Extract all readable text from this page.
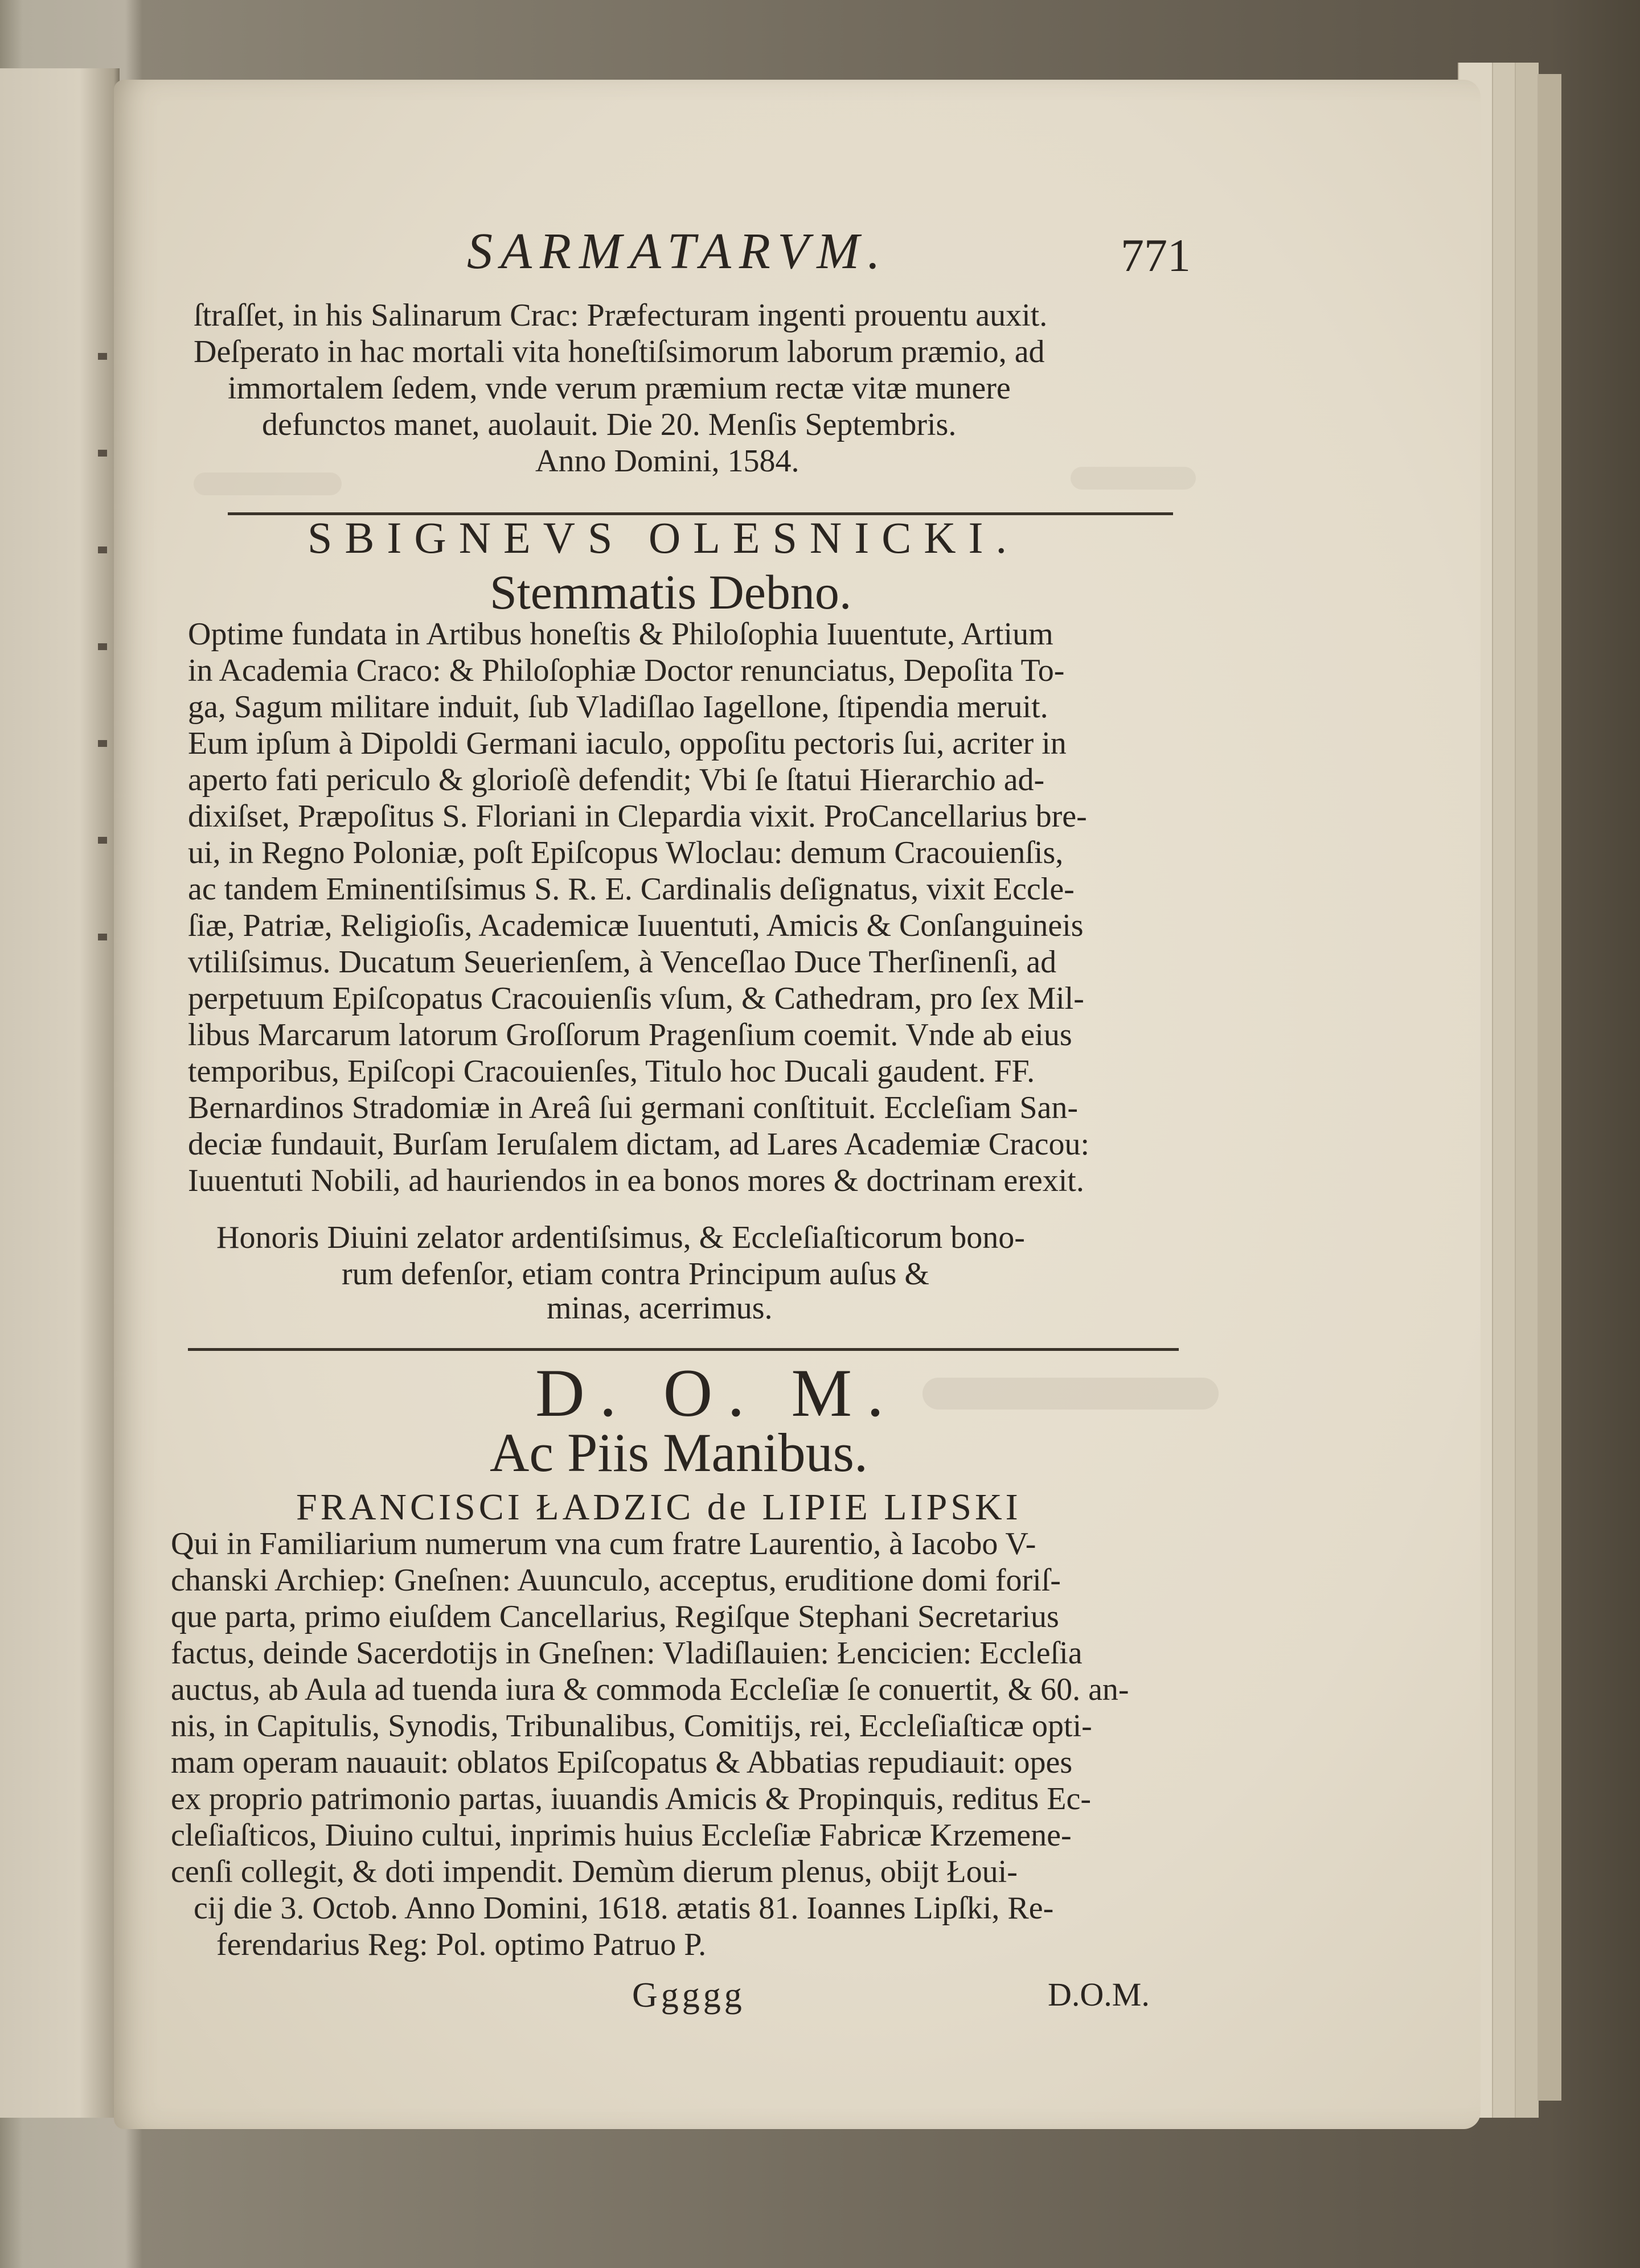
SARMATARVM.	771

ſtraſſet, in his Salinarum Crac: Præfecturam ingenti prouentu auxit.

Deſperato in hac mortali vita honeſtiſsimorum laborum præmio, ad

immortalem ſedem, vnde verum præmium rectæ vitæ munere

defunctos manet, auolauit. Die 20. Menſis Septembris.

Anno Domini, 1584.

SBIGNEVS OLESNICKI.
Stemmatis Debno.

Optime fundata in Artibus honeſtis & Philoſophia Iuuentute, Artium

in Academia Craco: & Philoſophiæ Doctor renunciatus, Depoſita To-

ga, Sagum militare induit, ſub Vladiſlao Iagellone, ſtipendia meruit.

Eum ipſum à Dipoldi Germani iaculo, oppoſitu pectoris ſui, acriter in

aperto fati periculo & glorioſè defendit; Vbi ſe ſtatui Hierarchio ad-

dixiſset, Præpoſitus S. Floriani in Clepardia vixit. ProCancellarius bre-

ui, in Regno Poloniæ, poſt Epiſcopus Wloclau: demum Cracouienſis,

ac tandem Eminentiſsimus S. R. E. Cardinalis deſignatus, vixit Eccle-

ſiæ, Patriæ, Religioſis, Academicæ Iuuentuti, Amicis & Conſanguineis

vtiliſsimus. Ducatum Seuerienſem, à Venceſlao Duce Therſinenſi, ad

perpetuum Epiſcopatus Cracouienſis vſum, & Cathedram, pro ſex Mil-

libus Marcarum latorum Groſſorum Pragenſium coemit. Vnde ab eius

temporibus, Epiſcopi Cracouienſes, Titulo hoc Ducali gaudent. FF.

Bernardinos Stradomiæ in Areâ ſui germani conſtituit. Eccleſiam San-

deciæ fundauit, Burſam Ieruſalem dictam, ad Lares Academiæ Cracou:

Iuuentuti Nobili, ad hauriendos in ea bonos mores & doctrinam erexit.

Honoris Diuini zelator ardentiſsimus, & Eccleſiaſticorum bono-
rum defenſor, etiam contra Principum auſus &
minas, acerrimus.
D. O. M.
Ac Piis Manibus.
FRANCISCI ŁADZIC de LIPIE LIPSKI

Qui in Familiarium numerum vna cum fratre Laurentio, à Iacobo V-

chanski Archiep: Gneſnen: Auunculo, acceptus, eruditione domi foriſ-

que parta, primo eiuſdem Cancellarius, Regiſque Stephani Secretarius

factus, deinde Sacerdotijs in Gneſnen: Vladiſlauien: Łencicien: Eccleſia

auctus, ab Aula ad tuenda iura & commoda Eccleſiæ ſe conuertit, & 60. an-

nis, in Capitulis, Synodis, Tribunalibus, Comitijs, rei, Eccleſiaſticæ opti-

mam operam nauauit: oblatos Epiſcopatus & Abbatias repudiauit: opes

ex proprio patrimonio partas, iuuandis Amicis & Propinquis, reditus Ec-

cleſiaſticos, Diuino cultui, inprimis huius Eccleſiæ Fabricæ Krzemene-

cenſi collegit, & doti impendit. Demùm dierum plenus, obijt Łoui-

cij die 3. Octob. Anno Domini, 1618. ætatis 81. Ioannes Lipſki, Re-

ferendarius Reg: Pol. optimo Patruo P.

Ggggg	D.O.M.
